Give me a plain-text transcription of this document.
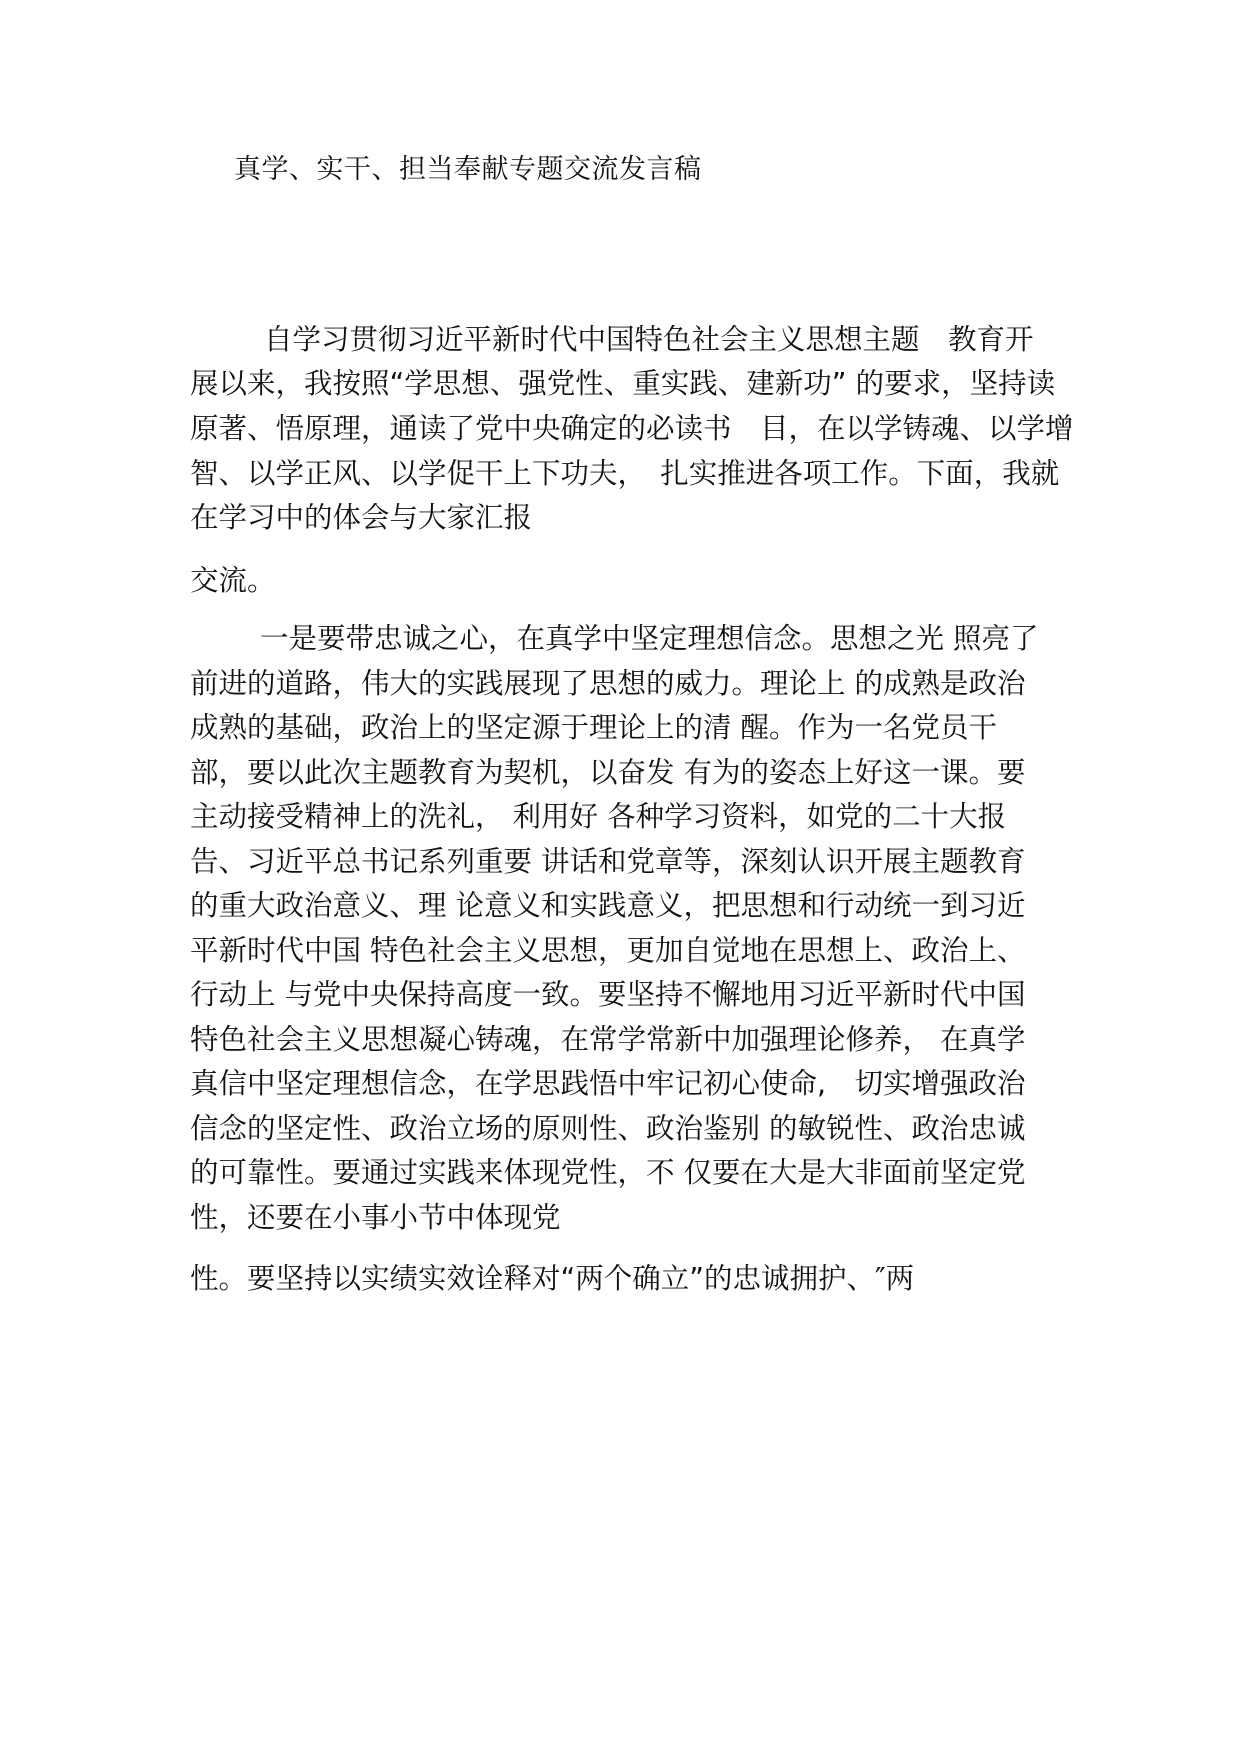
真学、实干、担当奉献专题交流发言稿

自学习贯彻习近平新时代中国特色社会主义思想主题　教育开

展以来，我按照“学思想、强党性、重实践、建新功” 的要求，坚持读

原著、悟原理，通读了党中央确定的必读书　目，在以学铸魂、以学增

智、以学正风、以学促干上下功夫，　扎实推进各项工作。下面，我就

在学习中的体会与大家汇报

交流。

一是要带忠诚之心，在真学中坚定理想信念。思想之光 照亮了

前进的道路，伟大的实践展现了思想的威力。理论上 的成熟是政治

成熟的基础，政治上的坚定源于理论上的清 醒。作为一名党员干

部，要以此次主题教育为契机，以奋发 有为的姿态上好这一课。要

主动接受精神上的洗礼， 利用好 各种学习资料，如党的二十大报

告、习近平总书记系列重要 讲话和党章等，深刻认识开展主题教育

的重大政治意义、理 论意义和实践意义，把思想和行动统一到习近

平新时代中国 特色社会主义思想，更加自觉地在思想上、政治上、

行动上 与党中央保持高度一致。要坚持不懈地用习近平新时代中国

特色社会主义思想凝心铸魂，在常学常新中加强理论修养， 在真学

真信中坚定理想信念，在学思践悟中牢记初心使命,　切实增强政治

信念的坚定性、政治立场的原则性、政治鉴别 的敏锐性、政治忠诚

的可靠性。要通过实践来体现党性，不 仅要在大是大非面前坚定党

性，还要在小事小节中体现党

性。要坚持以实绩实效诠释对“两个确立”的忠诚拥护、″两
